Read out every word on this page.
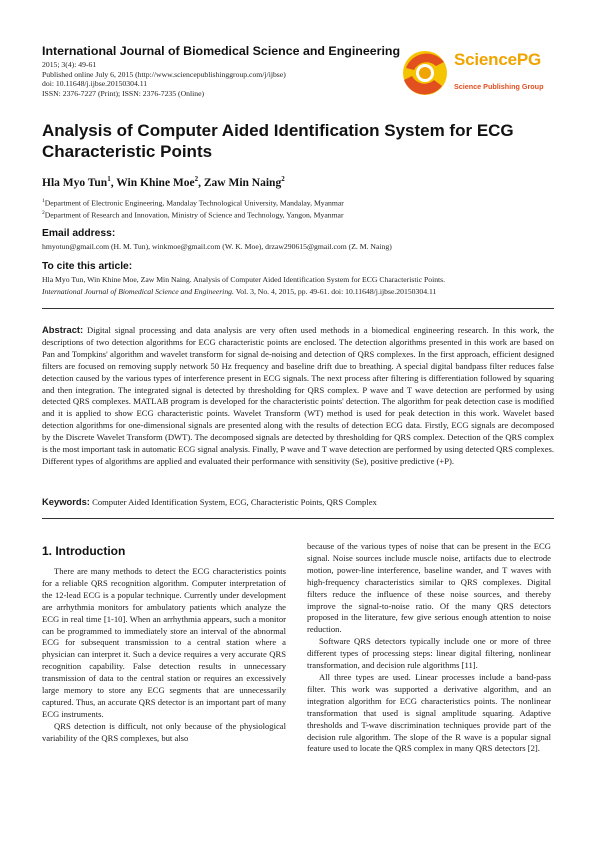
International Journal of Biomedical Science and Engineering
2015; 3(4): 49-61
Published online July 6, 2015 (http://www.sciencepublishinggroup.com/j/ijbse)
doi: 10.11648/j.ijbse.20150304.11
ISSN: 2376-7227 (Print); ISSN: 2376-7235 (Online)
SciencePG
Science Publishing Group
Analysis of Computer Aided Identification System for ECG Characteristic Points
Hla Myo Tun$^1$, Win Khine Moe$^2$, Zaw Min Naing$^2$
$^1$Department of Electronic Engineering, Mandalay Technological University, Mandalay, Myanmar
$^2$Department of Research and Innovation, Ministry of Science and Technology, Yangon, Myanmar
Email address:
hmyotun@gmail.com (H. M. Tun), winkmoe@gmail.com (W. K. Moe), drzaw290615@gmail.com (Z. M. Naing)
To cite this article:
Hla Myo Tun, Win Khine Moe, Zaw Min Naing. Analysis of Computer Aided Identification System for ECG Characteristic Points.
International Journal of Biomedical Science and Engineering. Vol. 3, No. 4, 2015, pp. 49-61. doi: 10.11648/j.ijbse.20150304.11
Abstract: Digital signal processing and data analysis are very often used methods in a biomedical engineering research. In this work, the descriptions of two detection algorithms for ECG characteristic points are enclosed. The detection algorithms presented in this work are based on Pan and Tompkins' algorithm and wavelet transform for signal de-noising and detection of QRS complexes. In the first approach, efficient designed filters are focused on removing supply network 50 Hz frequency and baseline drift due to breathing. A special digital bandpass filter reduces false detection caused by the various types of interference present in ECG signals. The next process after filtering is differentiation followed by squaring and then integration. The integrated signal is detected by thresholding for QRS complex. P wave and T wave detection are performed by using detected QRS complexes. MATLAB program is developed for the characteristic points' detection. The algorithm for peak detection case is modified and it is applied to show ECG characteristic points. Wavelet Transform (WT) method is used for peak detection in this work. Wavelet based detection algorithms for one-dimensional signals are presented along with the results of detection ECG data. Firstly, ECG signals are decomposed by the Discrete Wavelet Transform (DWT). The decomposed signals are detected by thresholding for QRS complex. Detection of the QRS complex is the most important task in automatic ECG signal analysis. Finally, P wave and T wave detection are performed by using detected QRS complexes. Different types of algorithms are applied and evaluated their performance with sensitivity (Se), positive predictive (+P).
Keywords: Computer Aided Identification System, ECG, Characteristic Points, QRS Complex
1. Introduction

There are many methods to detect the ECG characteristics points for a reliable QRS recognition algorithm. Computer interpretation of the 12-lead ECG is a popular technique. Currently under development are arrhythmia monitors for ambulatory patients which analyze the ECG in real time [1-10]. When an arrhythmia appears, such a monitor can be programmed to immediately store an interval of the abnormal ECG for subsequent transmission to a central station where a physician can interpret it. Such a device requires a very accurate QRS recognition capability. False detection results in unnecessary transmission of data to the central station or requires an excessively large memory to store any ECG segments that are unnecessarily captured. Thus, an accurate QRS detector is an important part of many ECG instruments.

QRS detection is difficult, not only because of the physiological variability of the QRS complexes, but also

because of the various types of noise that can be present in the ECG signal. Noise sources include muscle noise, artifacts due to electrode motion, power-line interference, baseline wander, and T waves with high-frequency characteristics similar to QRS complexes. Digital filters reduce the influence of these noise sources, and thereby improve the signal-to-noise ratio. Of the many QRS detectors proposed in the literature, few give serious enough attention to noise reduction.

Software QRS detectors typically include one or more of three different types of processing steps: linear digital filtering, nonlinear transformation, and decision rule algorithms [11].

All three types are used. Linear processes include a band-pass filter. This work was supported a derivative algorithm, and an integration algorithm for ECG characteristics points. The nonlinear transformation that used is signal amplitude squaring. Adaptive thresholds and T-wave discrimination techniques provide part of the decision rule algorithm. The slope of the R wave is a popular signal feature used to locate the QRS complex in many QRS detectors [2].
